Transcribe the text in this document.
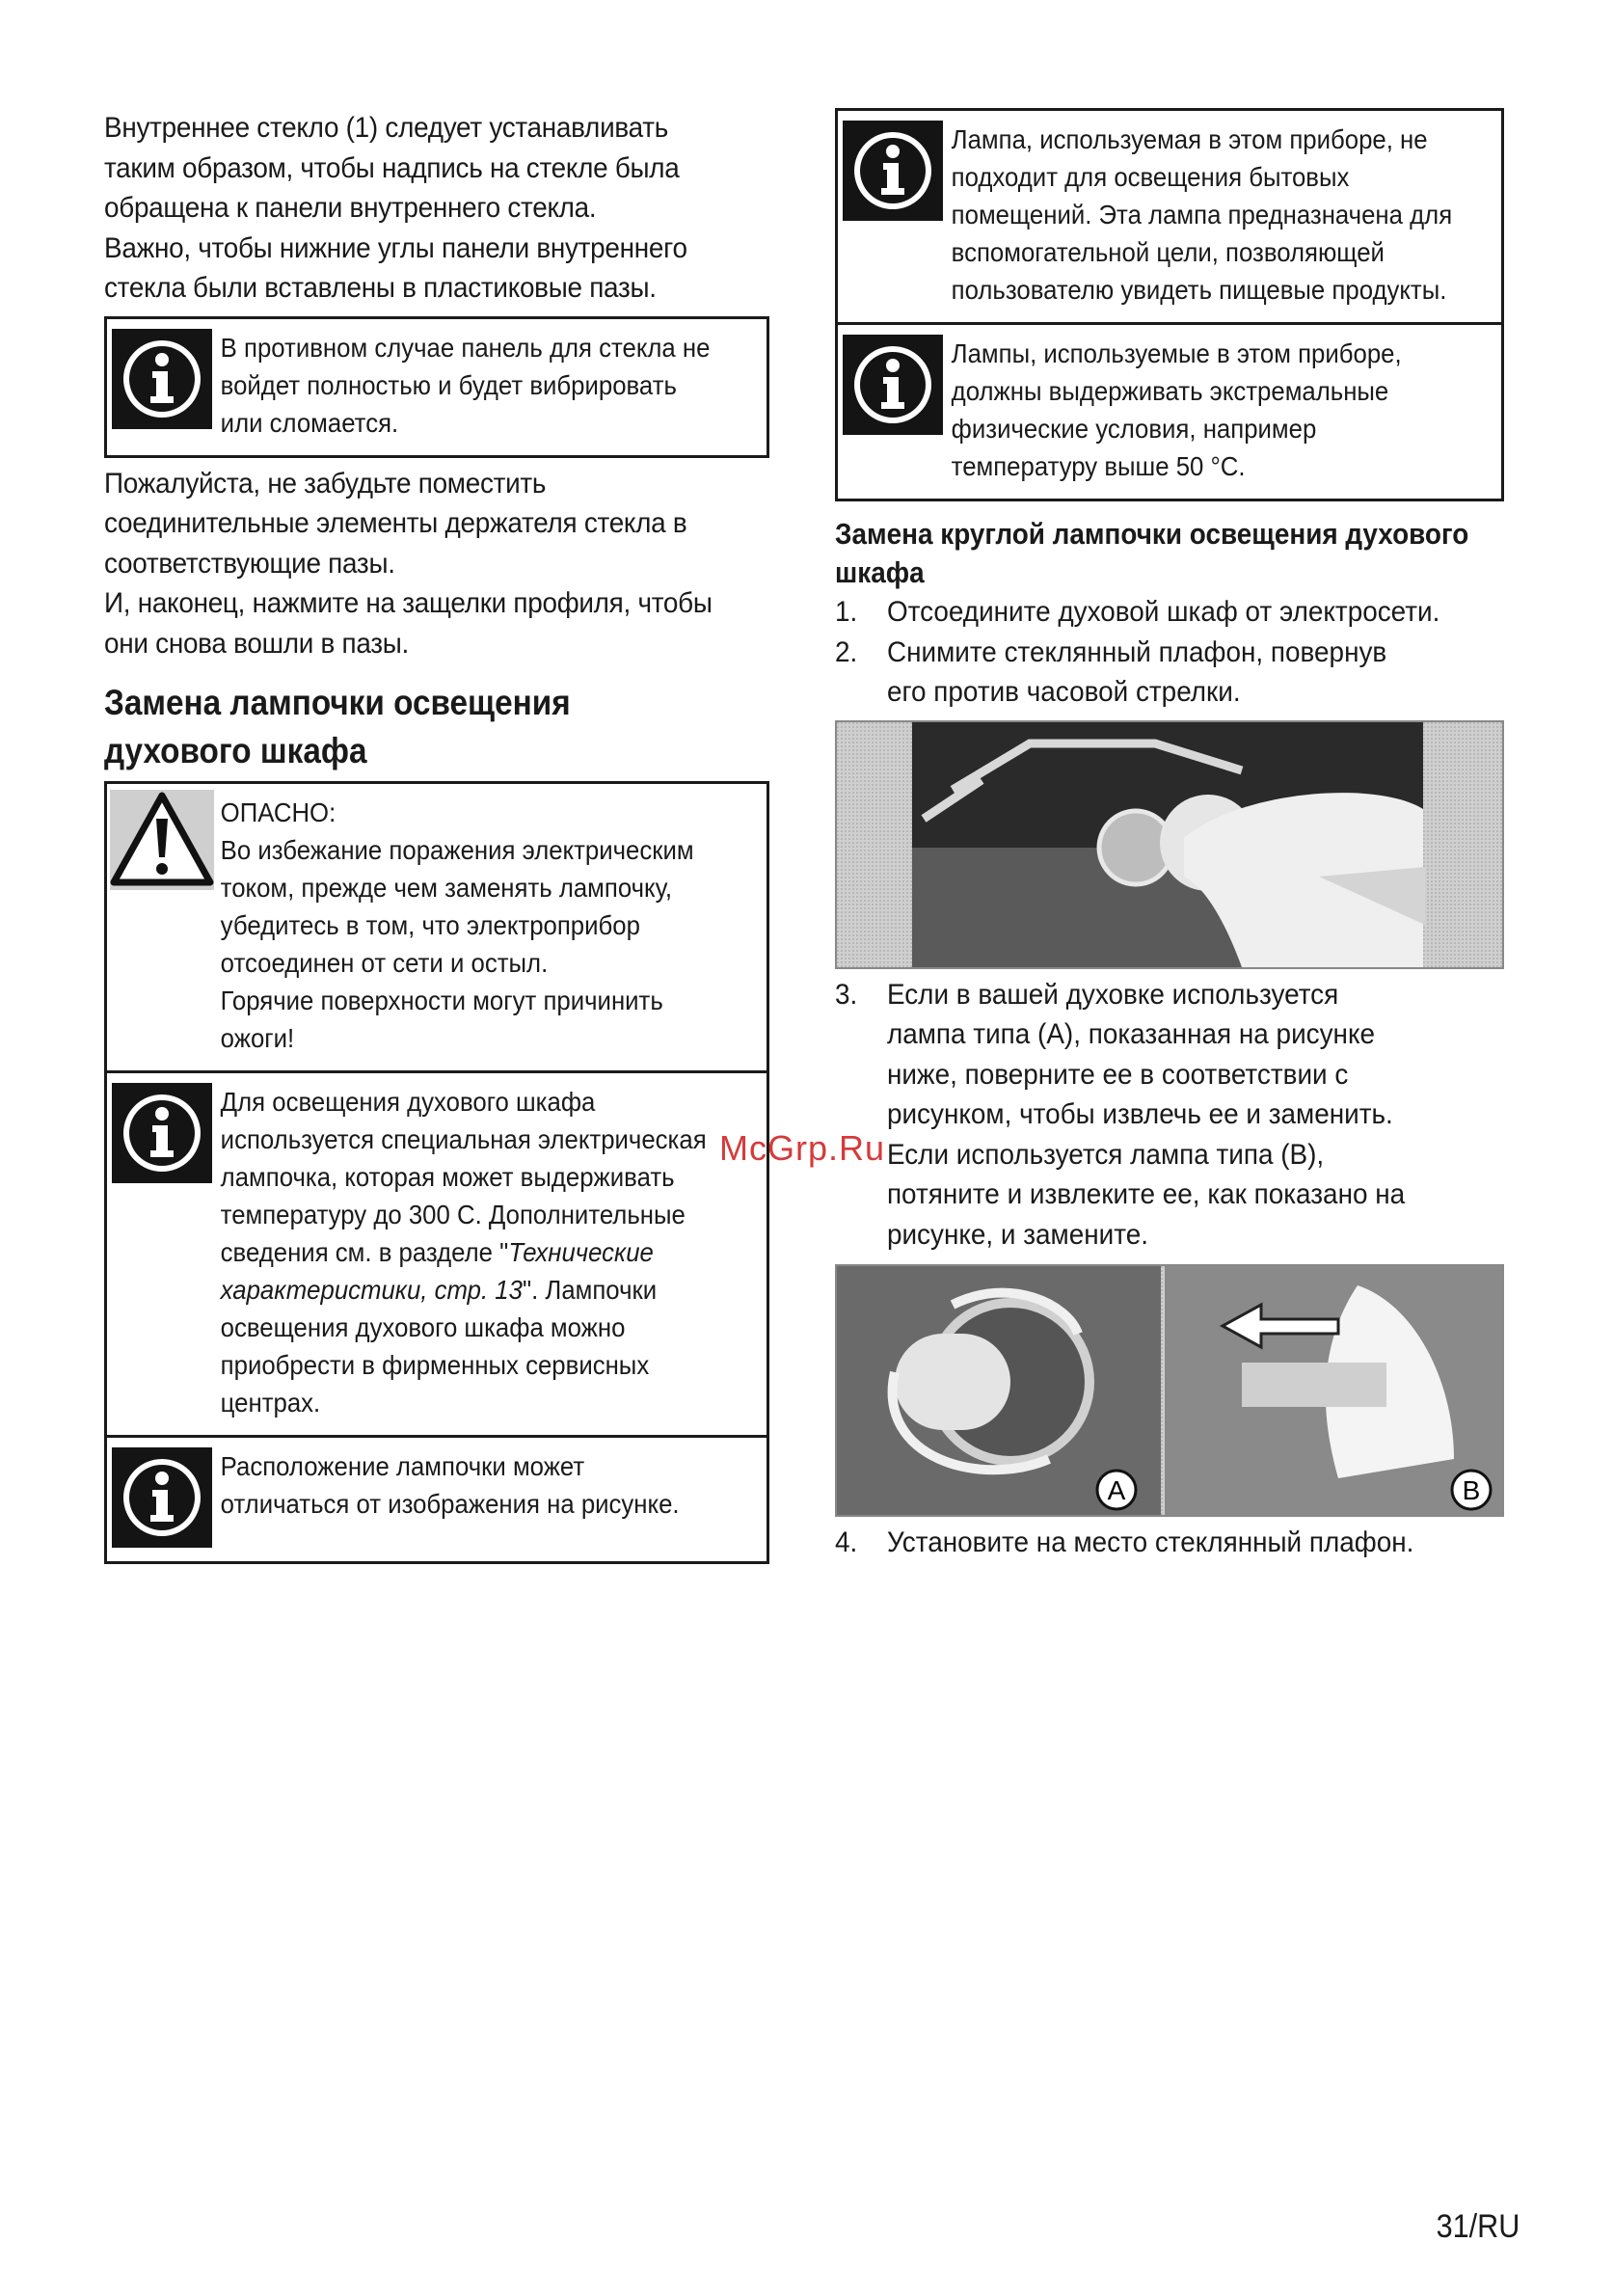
Внутреннее стекло (1) следует устанавливать
таким образом, чтобы надпись на стекле была
обращена к панели внутреннего стекла.
Важно, чтобы нижние углы панели внутреннего
стекла были вставлены в пластиковые пазы.

В противном случае панель для стекла не
войдет полностью и будет вибрировать
или сломается.

Пожалуйста, не забудьте поместить
соединительные элементы держателя стекла в
соответствующие пазы.
И, наконец, нажмите на защелки профиля, чтобы
они снова вошли в пазы.

Замена лампочки освещения
духового шкафа
ОПАСНО:
Во избежание поражения электрическим
током, прежде чем заменять лампочку,
убедитесь в том, что электроприбор
отсоединен от сети и остыл.
Горячие поверхности могут причинить
ожоги!
Для освещения духового шкафа
используется специальная электрическая
лампочка, которая может выдерживать
температуру до 300 С. Дополнительные
сведения см. в разделе "Технические характеристики, стр. 13". Лампочки освещения духового шкафа можно приобрести в фирменных сервисных центрах.
Расположение лампочки может
отличаться от изображения на рисунке.
Лампа, используемая в этом приборе, не
подходит для освещения бытовых
помещений. Эта лампа предназначена для
вспомогательной цели, позволяющей
пользователю увидеть пищевые продукты.
Лампы, используемые в этом приборе,
должны выдерживать экстремальные
физические условия, например
температуру выше 50 °C.
Замена круглой лампочки освещения духового
шкафа
1.	Отсоедините духовой шкаф от электросети.
2.	Снимите стеклянный плафон, повернув его против часовой стрелки.
3.	Если в вашей духовке используется лампа типа (А), показанная на рисунке ниже, поверните ее в соответствии с рисунком, чтобы извлечь ее и заменить. Если используется лампа типа (В), потяните и извлеките ее, как показано на рисунке, и замените.
A	B
4.	Установите на место стеклянный плафон.
McGrp.Ru
31/RU
